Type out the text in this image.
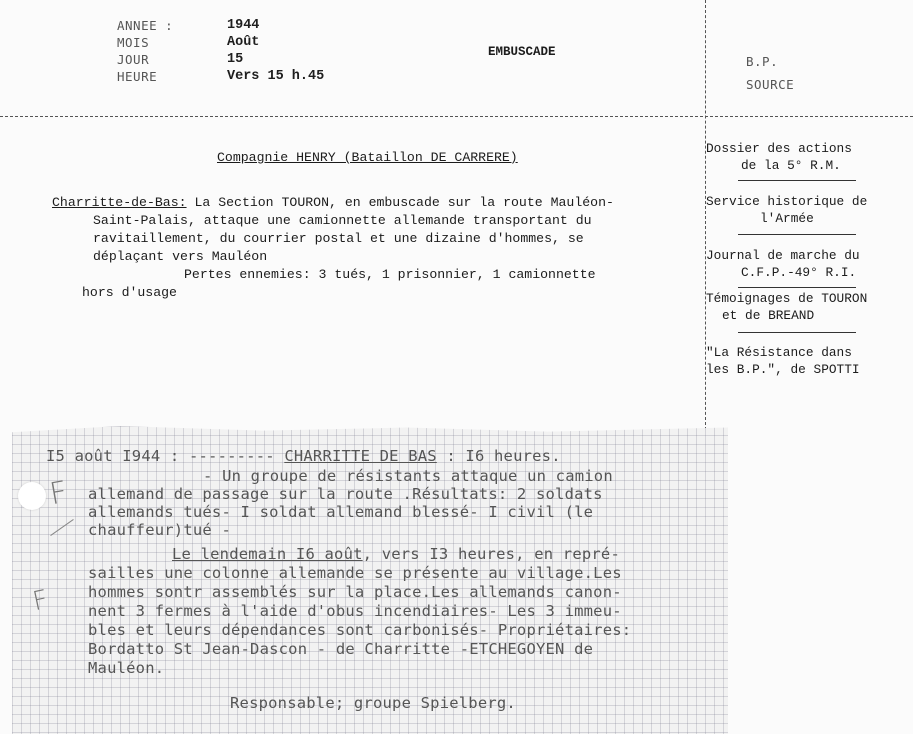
ANNEE :
MOIS
JOUR
HEURE
1944
Août
15
Vers 15 h.45
EMBUSCADE
B.P.
SOURCE
Compagnie HENRY (Bataillon DE CARRERE)
Charritte-de-Bas: La Section TOURON, en embuscade sur la route Mauléon-
Saint-Palais, attaque une camionnette allemande transportant du
ravitaillement, du courrier postal et une dizaine d'hommes, se
déplaçant vers Mauléon
Pertes ennemies: 3 tués, 1 prisonnier, 1 camionnette
hors d'usage
Dossier des actions
de la 5° R.M.
Service historique de
l'Armée
Journal de marche du
C.F.P.-49° R.I.
Témoignages de TOURON
et de BREAND
"La Résistance dans
les B.P.", de SPOTTI
I5 août I944 : --------- CHARRITTE DE BAS : I6 heures.
- Un groupe de résistants attaque un camion
allemand de passage sur la route .Résultats: 2 soldats
allemands tués- I soldat allemand blessé- I civil (le
chauffeur)tué -
Le lendemain I6 août, vers I3 heures, en repré-
sailles une colonne allemande se présente au village.Les
hommes sontr assemblés sur la place.Les allemands canon-
nent 3 fermes à l'aide d'obus incendiaires- Les 3 immeu-
bles et leurs dépendances sont carbonisés- Propriétaires:
Bordatto St Jean-Dascon - de Charritte -ETCHEGOYEN de
Mauléon.
Responsable; groupe Spielberg.
F
F
